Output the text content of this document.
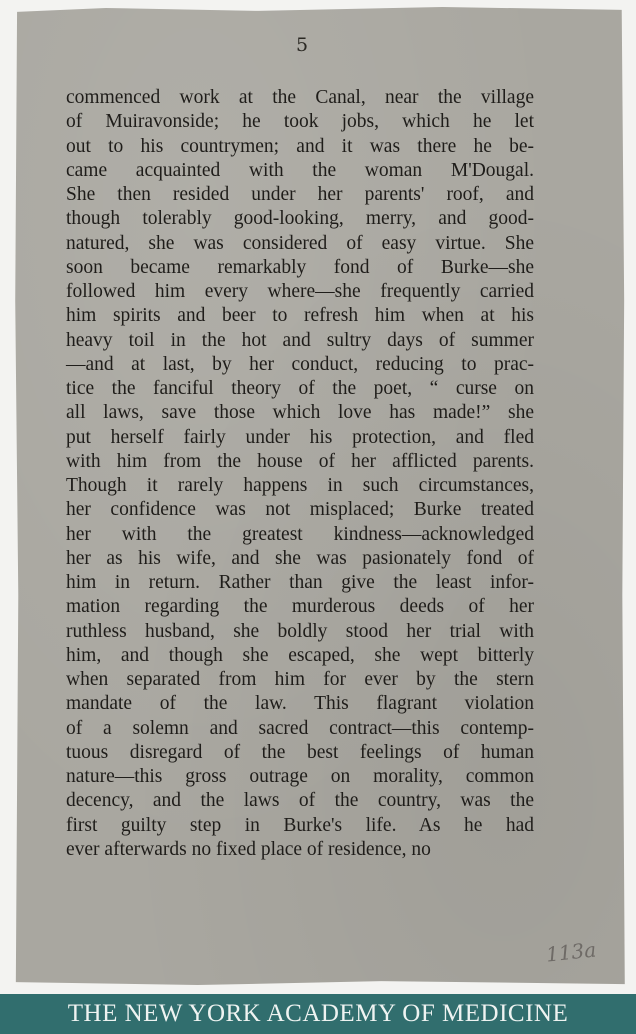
5
commenced work at the Canal, near the village
of Muiravonside; he took jobs, which he let
out to his countrymen; and it was there he be-
came acquainted with the woman M'Dougal.
She then resided under her parents' roof, and
though tolerably good-looking, merry, and good-
natured, she was considered of easy virtue. She
soon became remarkably fond of Burke—she
followed him every where—she frequently carried
him spirits and beer to refresh him when at his
heavy toil in the hot and sultry days of summer
—and at last, by her conduct, reducing to prac-
tice the fanciful theory of the poet, “ curse on
all laws, save those which love has made!” she
put herself fairly under his protection, and fled
with him from the house of her afflicted parents.
Though it rarely happens in such circumstances,
her confidence was not misplaced; Burke treated
her with the greatest kindness—acknowledged
her as his wife, and she was pasionately fond of
him in return. Rather than give the least infor-
mation regarding the murderous deeds of her
ruthless husband, she boldly stood her trial with
him, and though she escaped, she wept bitterly
when separated from him for ever by the stern
mandate of the law. This flagrant violation
of a solemn and sacred contract—this contemp-
tuous disregard of the best feelings of human
nature—this gross outrage on morality, common
decency, and the laws of the country, was the
first guilty step in Burke's life. As he had
ever afterwards no fixed place of residence, no
113a
THE NEW YORK ACADEMY OF MEDICINE
